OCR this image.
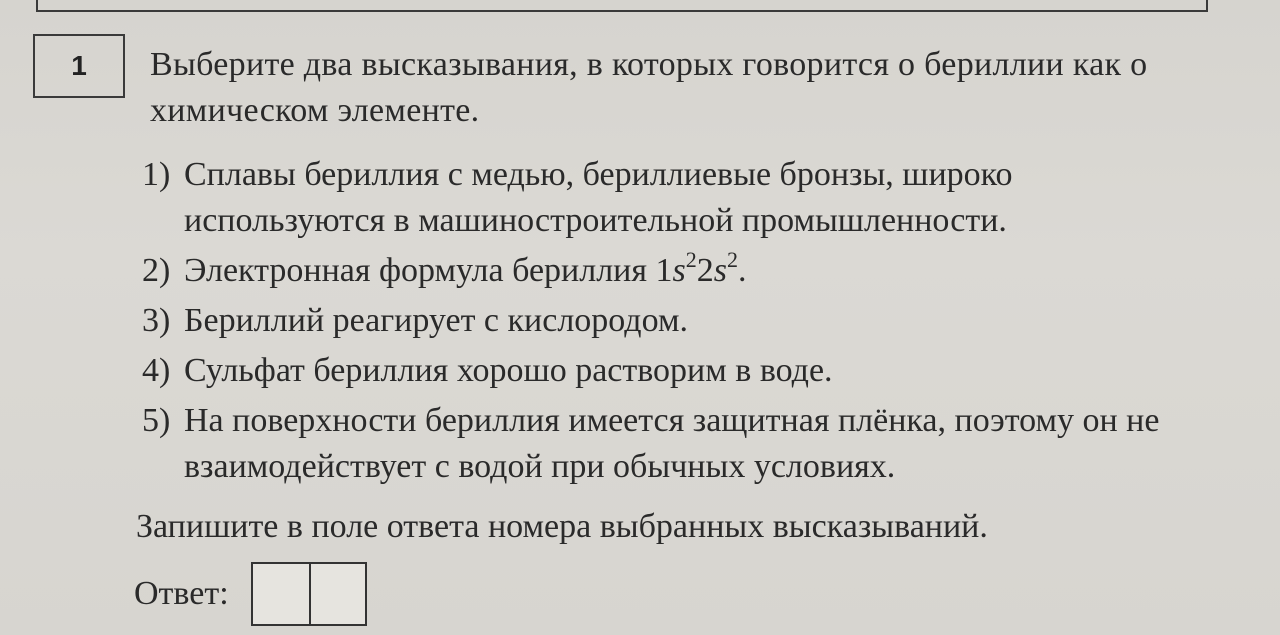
1 Выберите два высказывания, в которых говорится о бериллии как о химическом элементе.
1) Сплавы бериллия с медью, бериллиевые бронзы, широко используются в машиностроительной промышленности.
2) Электронная формула бериллия $1s^22s^2$.
3) Бериллий реагирует с кислородом.
4) Сульфат бериллия хорошо растворим в воде.
5) На поверхности бериллия имеется защитная плёнка, поэтому он не взаимодействует с водой при обычных условиях.
Запишите в поле ответа номера выбранных высказываний.
Ответ:
